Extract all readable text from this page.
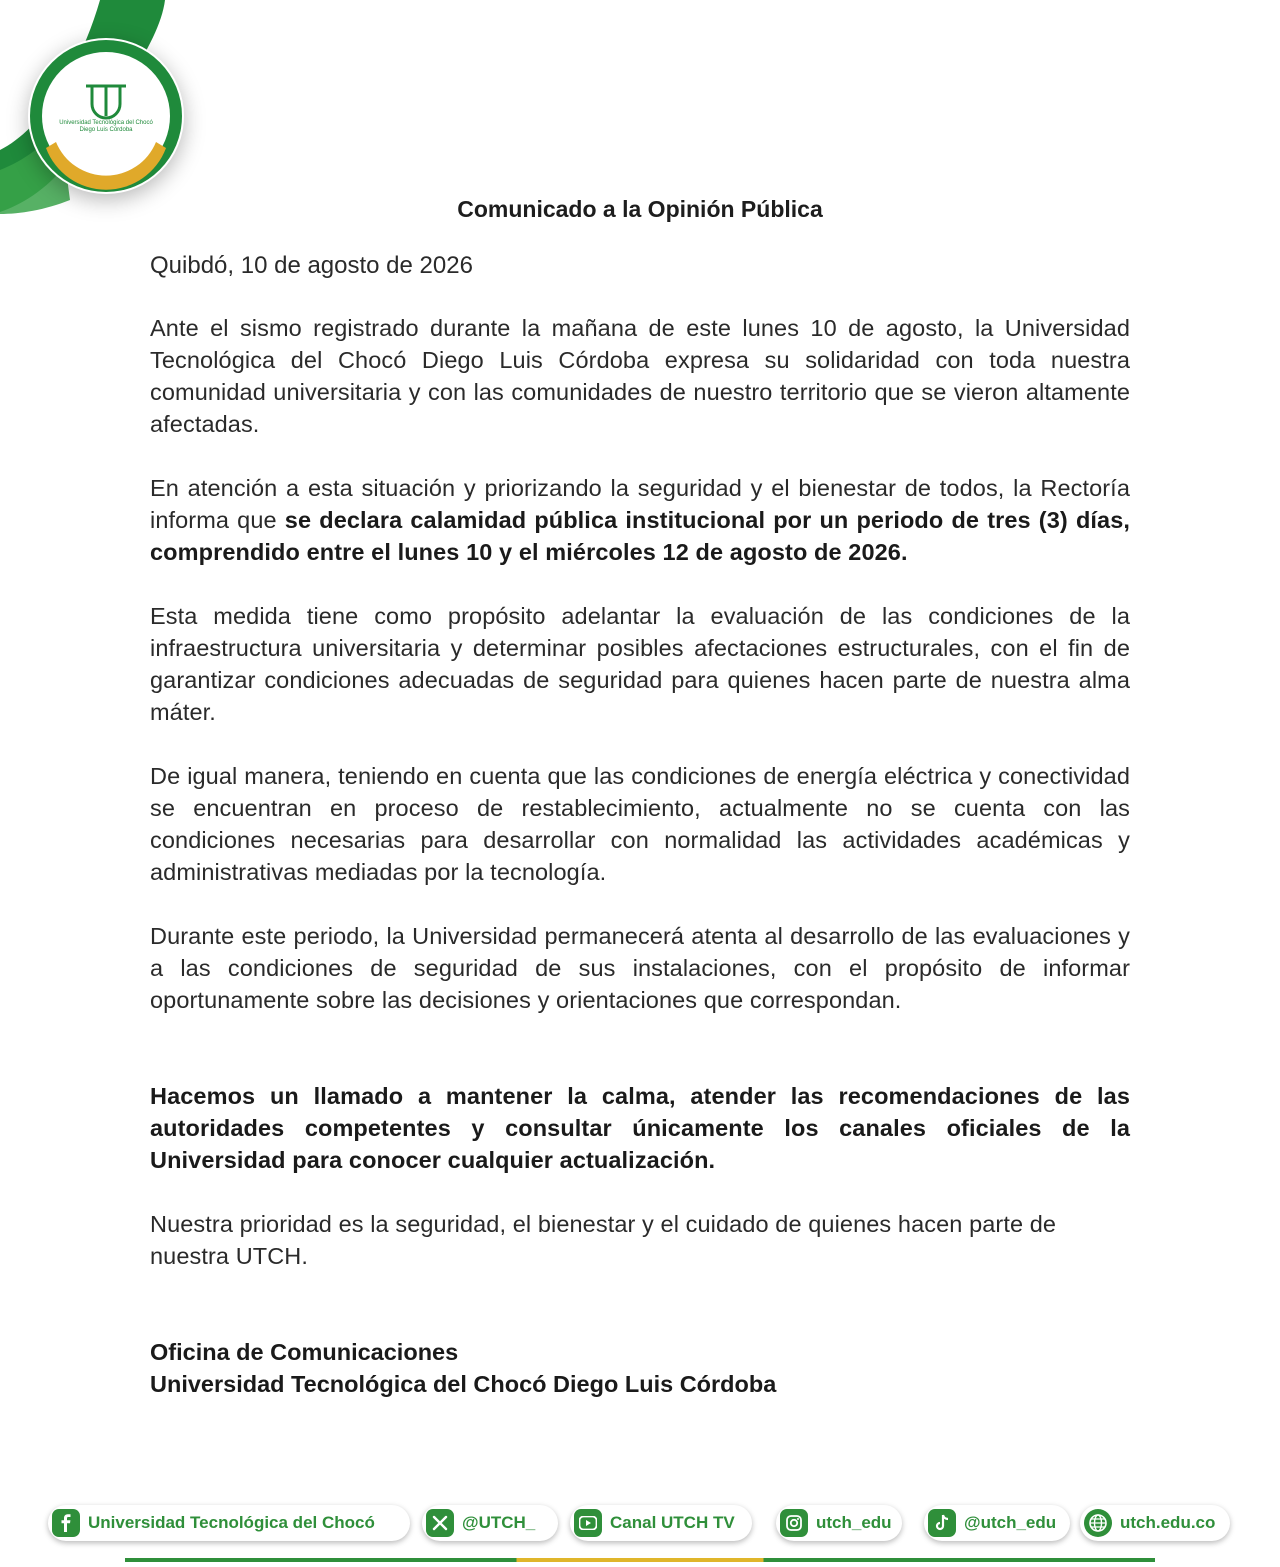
Universidad Tecnológica del Chocó
Diego Luis Córdoba
Comunicado a la Opinión Pública

Quibdó, 10 de agosto de 2026

Ante el sismo registrado durante la mañana de este lunes 10 de agosto, la Universidad Tecnológica del Chocó Diego Luis Córdoba expresa su solidaridad con toda nuestra comunidad universitaria y con las comunidades de nuestro territorio que se vieron altamente afectadas.

En atención a esta situación y priorizando la seguridad y el bienestar de todos, la Rectoría informa que se declara calamidad pública institucional por un periodo de tres (3) días, comprendido entre el lunes 10 y el miércoles 12 de agosto de 2026.

Esta medida tiene como propósito adelantar la evaluación de las condiciones de la infraestructura universitaria y determinar posibles afectaciones estructurales, con el fin de garantizar condiciones adecuadas de seguridad para quienes hacen parte de nuestra alma máter.

De igual manera, teniendo en cuenta que las condiciones de energía eléctrica y conectividad se encuentran en proceso de restablecimiento, actualmente no se cuenta con las condiciones necesarias para desarrollar con normalidad las actividades académicas y administrativas mediadas por la tecnología.

Durante este periodo, la Universidad permanecerá atenta al desarrollo de las evaluaciones y a las condiciones de seguridad de sus instalaciones, con el propósito de informar oportunamente sobre las decisiones y orientaciones que correspondan.

Hacemos un llamado a mantener la calma, atender las recomendaciones de las autoridades competentes y consultar únicamente los canales oficiales de la Universidad para conocer cualquier actualización.

Nuestra prioridad es la seguridad, el bienestar y el cuidado de quienes hacen parte de nuestra UTCH.

Oficina de Comunicaciones
Universidad Tecnológica del Chocó Diego Luis Córdoba
Universidad Tecnológica del Chocó	@UTCH_	Canal UTCH TV	utch_edu	@utch_edu	utch.edu.co
